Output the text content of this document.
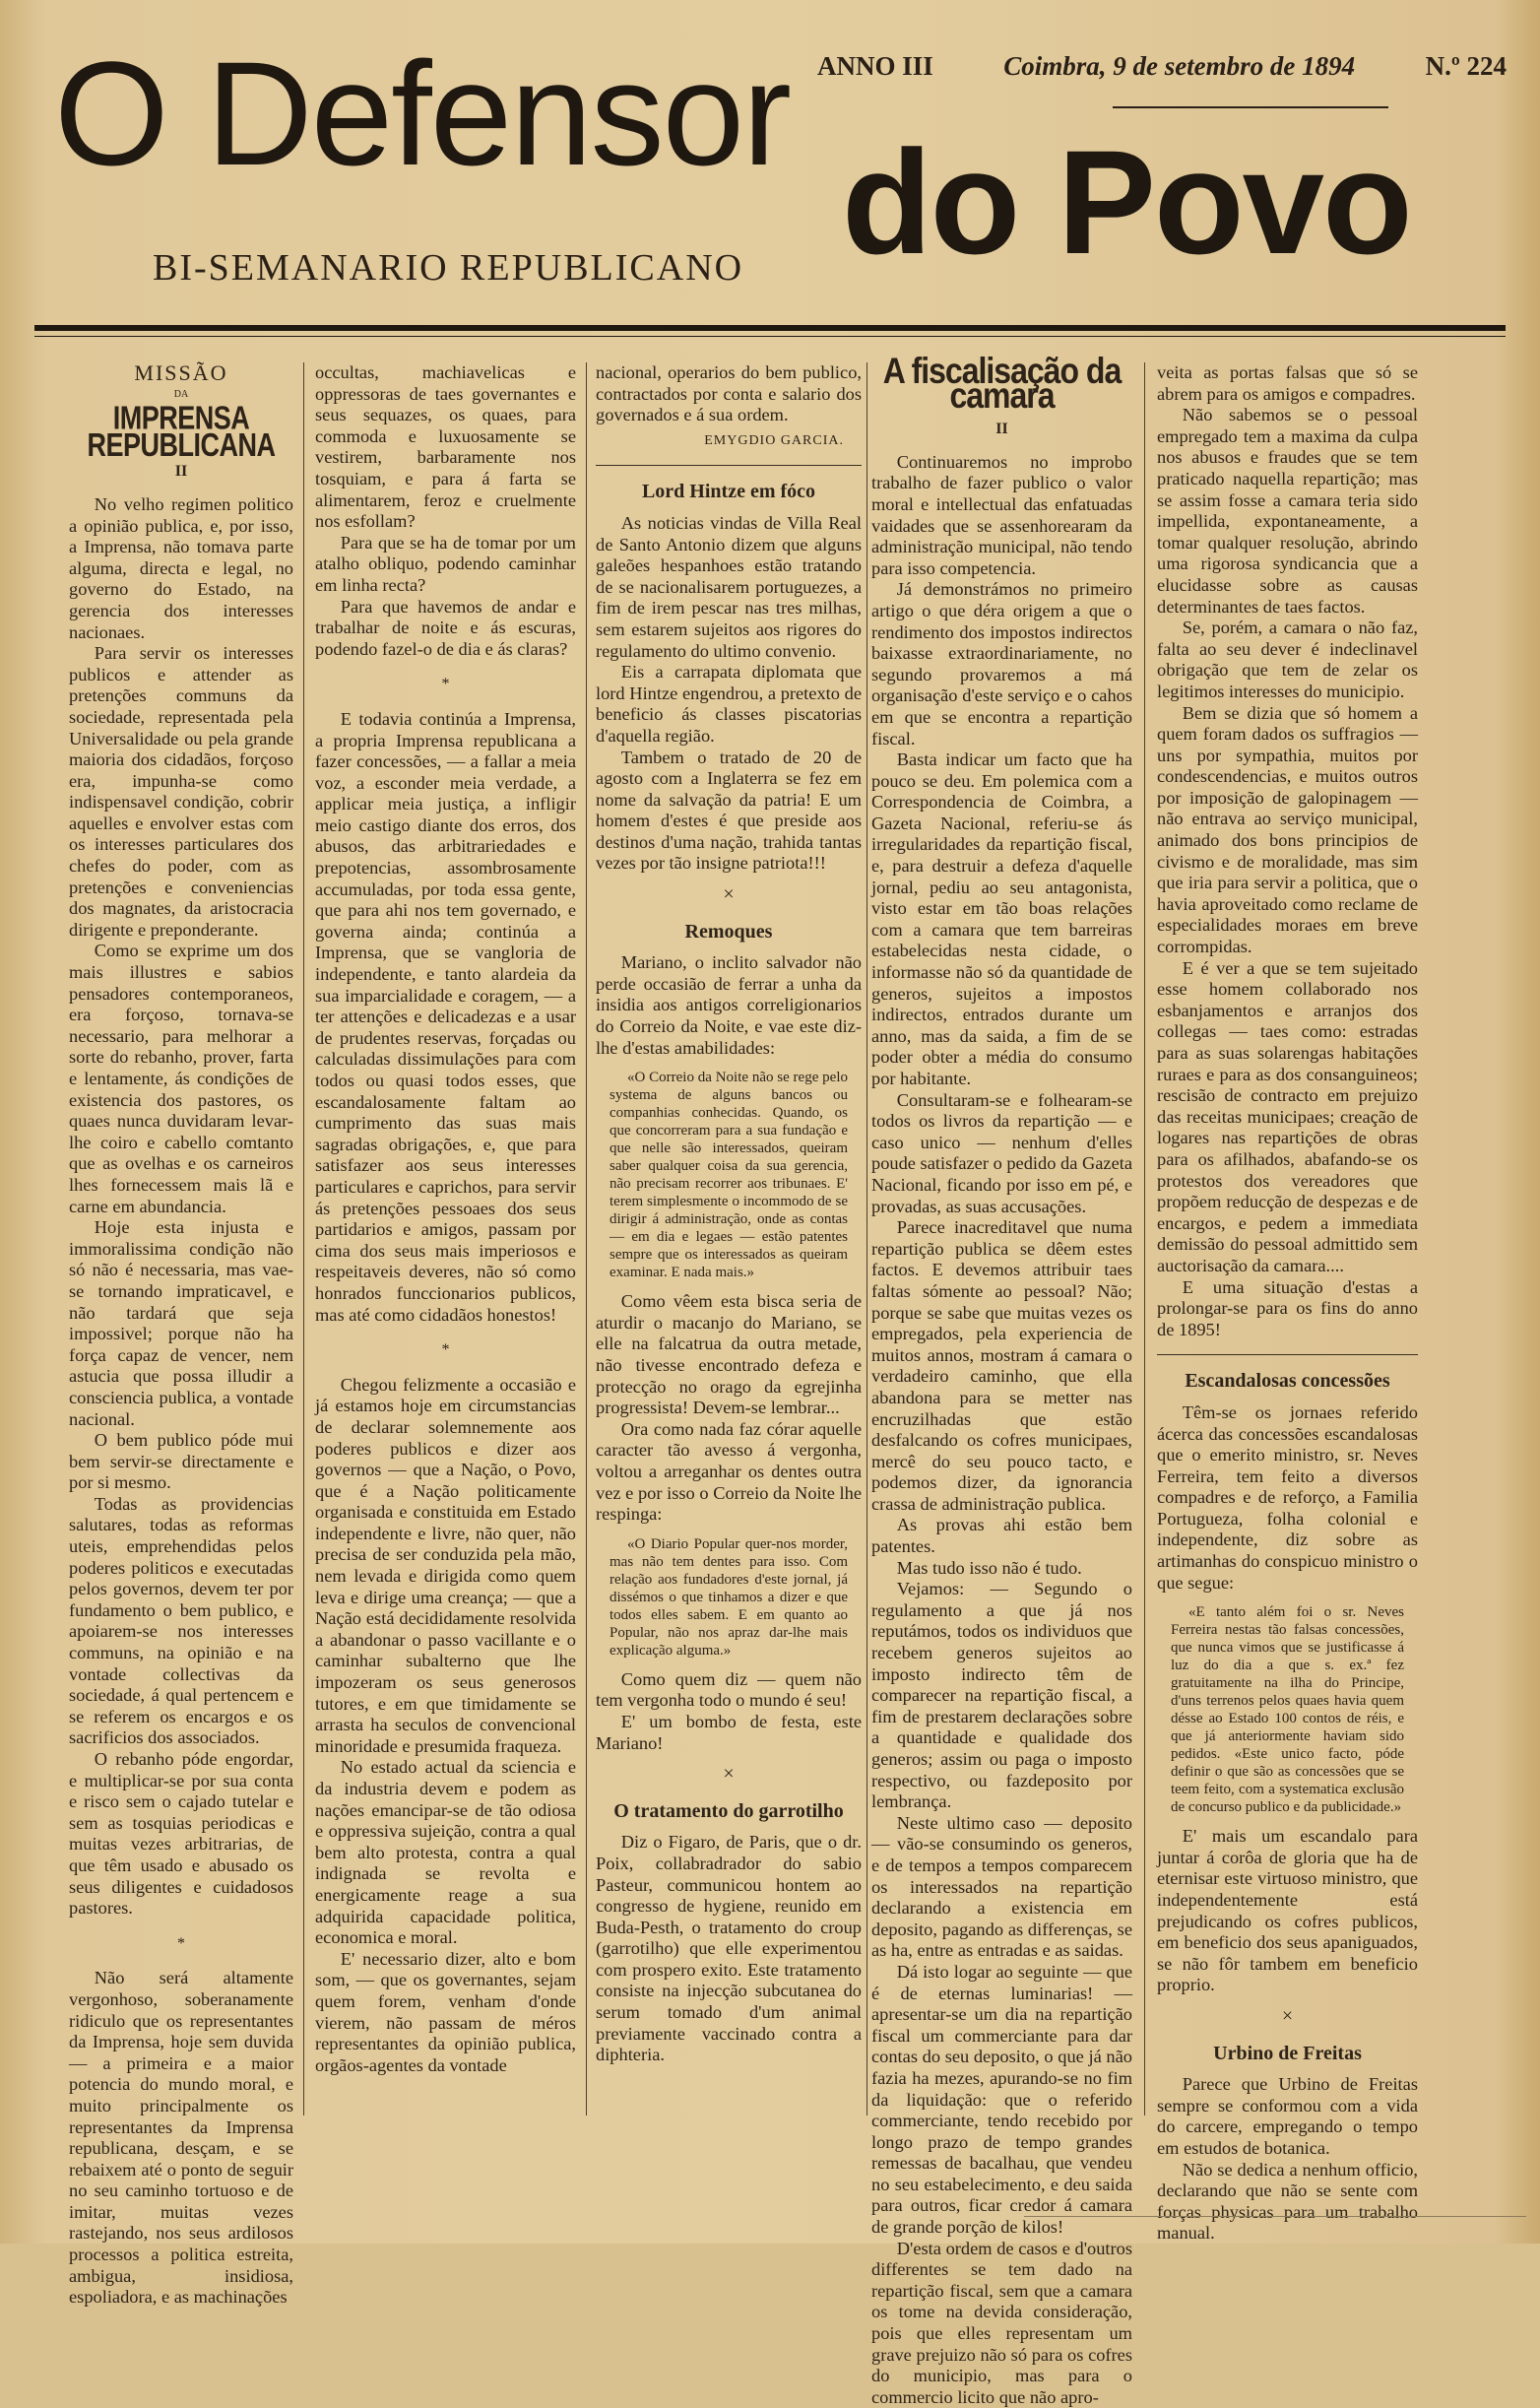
O Defensor
do Povo
BI-SEMANARIO REPUBLICANO
ANNO III	Coimbra, 9 de setembro de 1894	N.º 224
MISSÃO
DA
IMPRENSA REPUBLICANA
II

No velho regimen politico a opinião publica, e, por isso, a Imprensa, não tomava parte alguma, directa e legal, no governo do Estado, na gerencia dos interesses nacionaes.

Para servir os interesses publicos e attender as pretenções communs da sociedade, representada pela Universalidade ou pela grande maioria dos cidadãos, forçoso era, impunha-se como indispensavel condição, cobrir aquelles e envolver estas com os interesses particulares dos chefes do poder, com as pretenções e conveniencias dos magnates, da aristocracia dirigente e preponderante.

Como se exprime um dos mais illustres e sabios pensadores contemporaneos, era forçoso, tornava-se necessario, para melhorar a sorte do rebanho, prover, farta e lentamente, ás condições de existencia dos pastores, os quaes nunca duvidaram levar-lhe coiro e cabello comtanto que as ovelhas e os carneiros lhes fornecessem mais lã e carne em abundancia.

Hoje esta injusta e immoralissima condição não só não é necessaria, mas vae-se tornando impraticavel, e não tardará que seja impossivel; porque não ha força capaz de vencer, nem astucia que possa illudir a consciencia publica, a vontade nacional.

O bem publico póde mui bem servir-se directamente e por si mesmo.

Todas as providencias salutares, todas as reformas uteis, emprehendidas pelos poderes politicos e executadas pelos governos, devem ter por fundamento o bem publico, e apoiarem-se nos interesses communs, na opinião e na vontade collectivas da sociedade, á qual pertencem e se referem os encargos e os sacrificios dos associados.

O rebanho póde engordar, e multiplicar-se por sua conta e risco sem o cajado tutelar e sem as tosquias periodicas e muitas vezes arbitrarias, de que têm usado e abusado os seus diligentes e cuidadosos pastores.

*

Não será altamente vergonhoso, soberanamente ridiculo que os representantes da Imprensa, hoje sem duvida — a primeira e a maior potencia do mundo moral, e muito principalmente os representantes da Imprensa republicana, desçam, e se rebaixem até o ponto de seguir no seu caminho tortuoso e de imitar, muitas vezes rastejando, nos seus ardilosos processos a politica estreita, ambigua, insidiosa, espoliadora, e as machinações

occultas, machiavelicas e oppressoras de taes governantes e seus sequazes, os quaes, para commoda e luxuosamente se vestirem, barbaramente nos tosquiam, e para á farta se alimentarem, feroz e cruelmente nos esfollam?

Para que se ha de tomar por um atalho obliquo, podendo caminhar em linha recta?

Para que havemos de andar e trabalhar de noite e ás escuras, podendo fazel-o de dia e ás claras?

*

E todavia continúa a Imprensa, a propria Imprensa republicana a fazer concessões, — a fallar a meia voz, a esconder meia verdade, a applicar meia justiça, a infligir meio castigo diante dos erros, dos abusos, das arbitrariedades e prepotencias, assombrosamente accumuladas, por toda essa gente, que para ahi nos tem governado, e governa ainda; continúa a Imprensa, que se vangloria de independente, e tanto alardeia da sua imparcialidade e coragem, — a ter attenções e delicadezas e a usar de prudentes reservas, forçadas ou calculadas dissimulações para com todos ou quasi todos esses, que escandalosamente faltam ao cumprimento das suas mais sagradas obrigações, e, que para satisfazer aos seus interesses particulares e caprichos, para servir ás pretenções pessoaes dos seus partidarios e amigos, passam por cima dos seus mais imperiosos e respeitaveis deveres, não só como honrados funccionarios publicos, mas até como cidadãos honestos!

*

Chegou felizmente a occasião e já estamos hoje em circumstancias de declarar solemnemente aos poderes publicos e dizer aos governos — que a Nação, o Povo, que é a Nação politicamente organisada e constituida em Estado independente e livre, não quer, não precisa de ser conduzida pela mão, nem levada e dirigida como quem leva e dirige uma creança; — que a Nação está decididamente resolvida a abandonar o passo vacillante e o caminhar subalterno que lhe impozeram os seus generosos tutores, e em que timidamente se arrasta ha seculos de convencional minoridade e presumida fraqueza.

No estado actual da sciencia e da industria devem e podem as nações emancipar-se de tão odiosa e oppressiva sujeição, contra a qual bem alto protesta, contra a qual indignada se revolta e energicamente reage a sua adquirida capacidade politica, economica e moral.

E' necessario dizer, alto e bom som, — que os governantes, sejam quem forem, venham d'onde vierem, não passam de méros representantes da opinião publica, orgãos-agentes da vontade

nacional, operarios do bem publico, contractados por conta e salario dos governados e á sua ordem.

EMYGDIO GARCIA.
Lord Hintze em fóco

As noticias vindas de Villa Real de Santo Antonio dizem que alguns galeões hespanhoes estão tratando de se nacionalisarem portuguezes, a fim de irem pescar nas tres milhas, sem estarem sujeitos aos rigores do regulamento do ultimo convenio.

Eis a carrapata diplomata que lord Hintze engendrou, a pretexto de beneficio ás classes piscatorias d'aquella região.

Tambem o tratado de 20 de agosto com a Inglaterra se fez em nome da salvação da patria! E um homem d'estes é que preside aos destinos d'uma nação, trahida tantas vezes por tão insigne patriota!!!

×
Remoques

Mariano, o inclito salvador não perde occasião de ferrar a unha da insidia aos antigos correligionarios do Correio da Noite, e vae este diz-lhe d'estas amabilidades:

«O Correio da Noite não se rege pelo systema de alguns bancos ou companhias conhecidas. Quando, os que concorreram para a sua fundação e que nelle são interessados, queiram saber qualquer coisa da sua gerencia, não precisam recorrer aos tribunaes. E' terem simplesmente o incommodo de se dirigir á administração, onde as contas — em dia e legaes — estão patentes sempre que os interessados as queiram examinar. E nada mais.»

Como vêem esta bisca seria de aturdir o macanjo do Mariano, se elle na falcatrua da outra metade, não tivesse encontrado defeza e protecção no orago da egrejinha progressista! Devem-se lembrar...

Ora como nada faz córar aquelle caracter tão avesso á vergonha, voltou a arreganhar os dentes outra vez e por isso o Correio da Noite lhe respinga:

«O Diario Popular quer-nos morder, mas não tem dentes para isso. Com relação aos fundadores d'este jornal, já dissémos o que tinhamos a dizer e que todos elles sabem. E em quanto ao Popular, não nos apraz dar-lhe mais explicação alguma.»

Como quem diz — quem não tem vergonha todo o mundo é seu!

E' um bombo de festa, este Mariano!

×
O tratamento do garrotilho

Diz o Figaro, de Paris, que o dr. Poix, collabradrador do sabio Pasteur, communicou hontem ao congresso de hygiene, reunido em Buda-Pesth, o tratamento do croup (garrotilho) que elle experimentou com prospero exito. Este tratamento consiste na injecção subcutanea do serum tomado d'um animal previamente vaccinado contra a diphteria.

A fiscalisação da camara
II

Continuaremos no improbo trabalho de fazer publico o valor moral e intellectual das enfatuadas vaidades que se assenhorearam da administração municipal, não tendo para isso competencia.

Já demonstrámos no primeiro artigo o que déra origem a que o rendimento dos impostos indirectos baixasse extraordinariamente, no segundo provaremos a má organisação d'este serviço e o cahos em que se encontra a repartição fiscal.

Basta indicar um facto que ha pouco se deu. Em polemica com a Correspondencia de Coimbra, a Gazeta Nacional, referiu-se ás irregularidades da repartição fiscal, e, para destruir a defeza d'aquelle jornal, pediu ao seu antagonista, visto estar em tão boas relações com a camara que tem barreiras estabelecidas nesta cidade, o informasse não só da quantidade de generos, sujeitos a impostos indirectos, entrados durante um anno, mas da saida, a fim de se poder obter a média do consumo por habitante.

Consultaram-se e folhearam-se todos os livros da repartição — e caso unico — nenhum d'elles poude satisfazer o pedido da Gazeta Nacional, ficando por isso em pé, e provadas, as suas accusações.

Parece inacreditavel que numa repartição publica se dêem estes factos. E devemos attribuir taes faltas sómente ao pessoal? Não; porque se sabe que muitas vezes os empregados, pela experiencia de muitos annos, mostram á camara o verdadeiro caminho, que ella abandona para se metter nas encruzilhadas que estão desfalcando os cofres municipaes, mercê do seu pouco tacto, e podemos dizer, da ignorancia crassa de administração publica.

As provas ahi estão bem patentes.

Mas tudo isso não é tudo.

Vejamos: — Segundo o regulamento a que já nos reputámos, todos os individuos que recebem generos sujeitos ao imposto indirecto têm de comparecer na repartição fiscal, a fim de prestarem declarações sobre a quantidade e qualidade dos generos; assim ou paga o imposto respectivo, ou fazdeposito por lembrança.

Neste ultimo caso — deposito — vão-se consumindo os generos, e de tempos a tempos comparecem os interessados na repartição declarando a existencia em deposito, pagando as differenças, se as ha, entre as entradas e as saidas.

Dá isto logar ao seguinte — que é de eternas luminarias! — apresentar-se um dia na repartição fiscal um commerciante para dar contas do seu deposito, o que já não fazia ha mezes, apurando-se no fim da liquidação: que o referido commerciante, tendo recebido por longo prazo de tempo grandes remessas de bacalhau, que vendeu no seu estabelecimento, e deu saida para outros, ficar credor á camara de grande porção de kilos!

D'esta ordem de casos e d'outros differentes se tem dado na repartição fiscal, sem que a camara os tome na devida consideração, pois que elles representam um grave prejuizo não só para os cofres do municipio, mas para o commercio licito que não apro-

veita as portas falsas que só se abrem para os amigos e compadres.

Não sabemos se o pessoal empregado tem a maxima da culpa nos abusos e fraudes que se tem praticado naquella repartição; mas se assim fosse a camara teria sido impellida, expontaneamente, a tomar qualquer resolução, abrindo uma rigorosa syndicancia que a elucidasse sobre as causas determinantes de taes factos.

Se, porém, a camara o não faz, falta ao seu dever é indeclinavel obrigação que tem de zelar os legitimos interesses do municipio.

Bem se dizia que só homem a quem foram dados os suffragios — uns por sympathia, muitos por condescendencias, e muitos outros por imposição de galopinagem — não entrava ao serviço municipal, animado dos bons principios de civismo e de moralidade, mas sim que iria para servir a politica, que o havia aproveitado como reclame de especialidades moraes em breve corrompidas.

E é ver a que se tem sujeitado esse homem collaborado nos esbanjamentos e arranjos dos collegas — taes como: estradas para as suas solarengas habitações ruraes e para as dos consanguineos; rescisão de contracto em prejuizo das receitas municipaes; creação de logares nas repartições de obras para os afilhados, abafando-se os protestos dos vereadores que propõem reducção de despezas e de encargos, e pedem a immediata demissão do pessoal admittido sem auctorisação da camara....

E uma situação d'estas a prolongar-se para os fins do anno de 1895!

Escandalosas concessões

Têm-se os jornaes referido ácerca das concessões escandalosas que o emerito ministro, sr. Neves Ferreira, tem feito a diversos compadres e de reforço, a Familia Portugueza, folha colonial e independente, diz sobre as artimanhas do conspicuo ministro o que segue:

«E tanto além foi o sr. Neves Ferreira nestas tão falsas concessões, que nunca vimos que se justificasse á luz do dia a que s. ex.ª fez gratuitamente na ilha do Principe, d'uns terrenos pelos quaes havia quem désse ao Estado 100 contos de réis, e que já anteriormente haviam sido pedidos. «Este unico facto, póde definir o que são as concessões que se teem feito, com a systematica exclusão de concurso publico e da publicidade.»

E' mais um escandalo para juntar á corôa de gloria que ha de eternisar este virtuoso ministro, que independentemente está prejudicando os cofres publicos, em beneficio dos seus apaniguados, se não fôr tambem em beneficio proprio.

×
Urbino de Freitas

Parece que Urbino de Freitas sempre se conformou com a vida do carcere, empregando o tempo em estudos de botanica.

Não se dedica a nenhum officio, declarando que não se sente com forças physicas para um trabalho manual.
